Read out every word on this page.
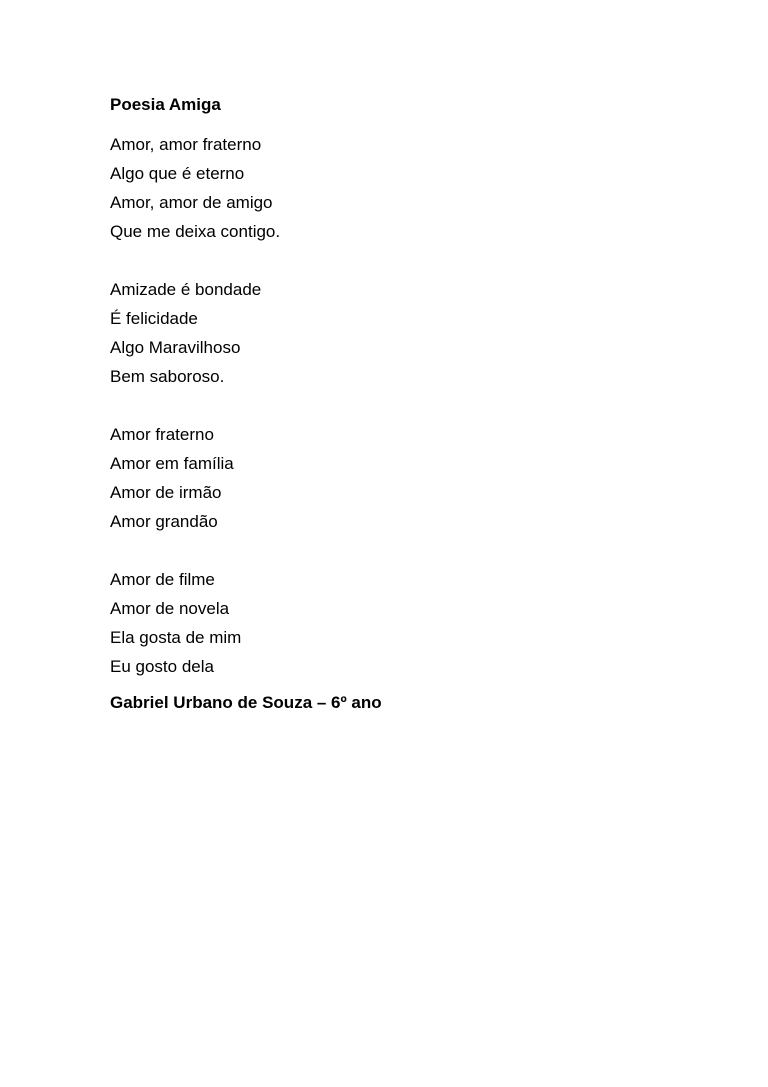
Poesia Amiga
Amor, amor fraterno
Algo que é eterno
Amor, amor de amigo
Que me deixa contigo.
Amizade é bondade
É felicidade
Algo Maravilhoso
Bem saboroso.
Amor fraterno
Amor em família
Amor de irmão
Amor grandão
Amor de filme
Amor de novela
Ela gosta de mim
Eu gosto dela
Gabriel Urbano de Souza – 6º ano
